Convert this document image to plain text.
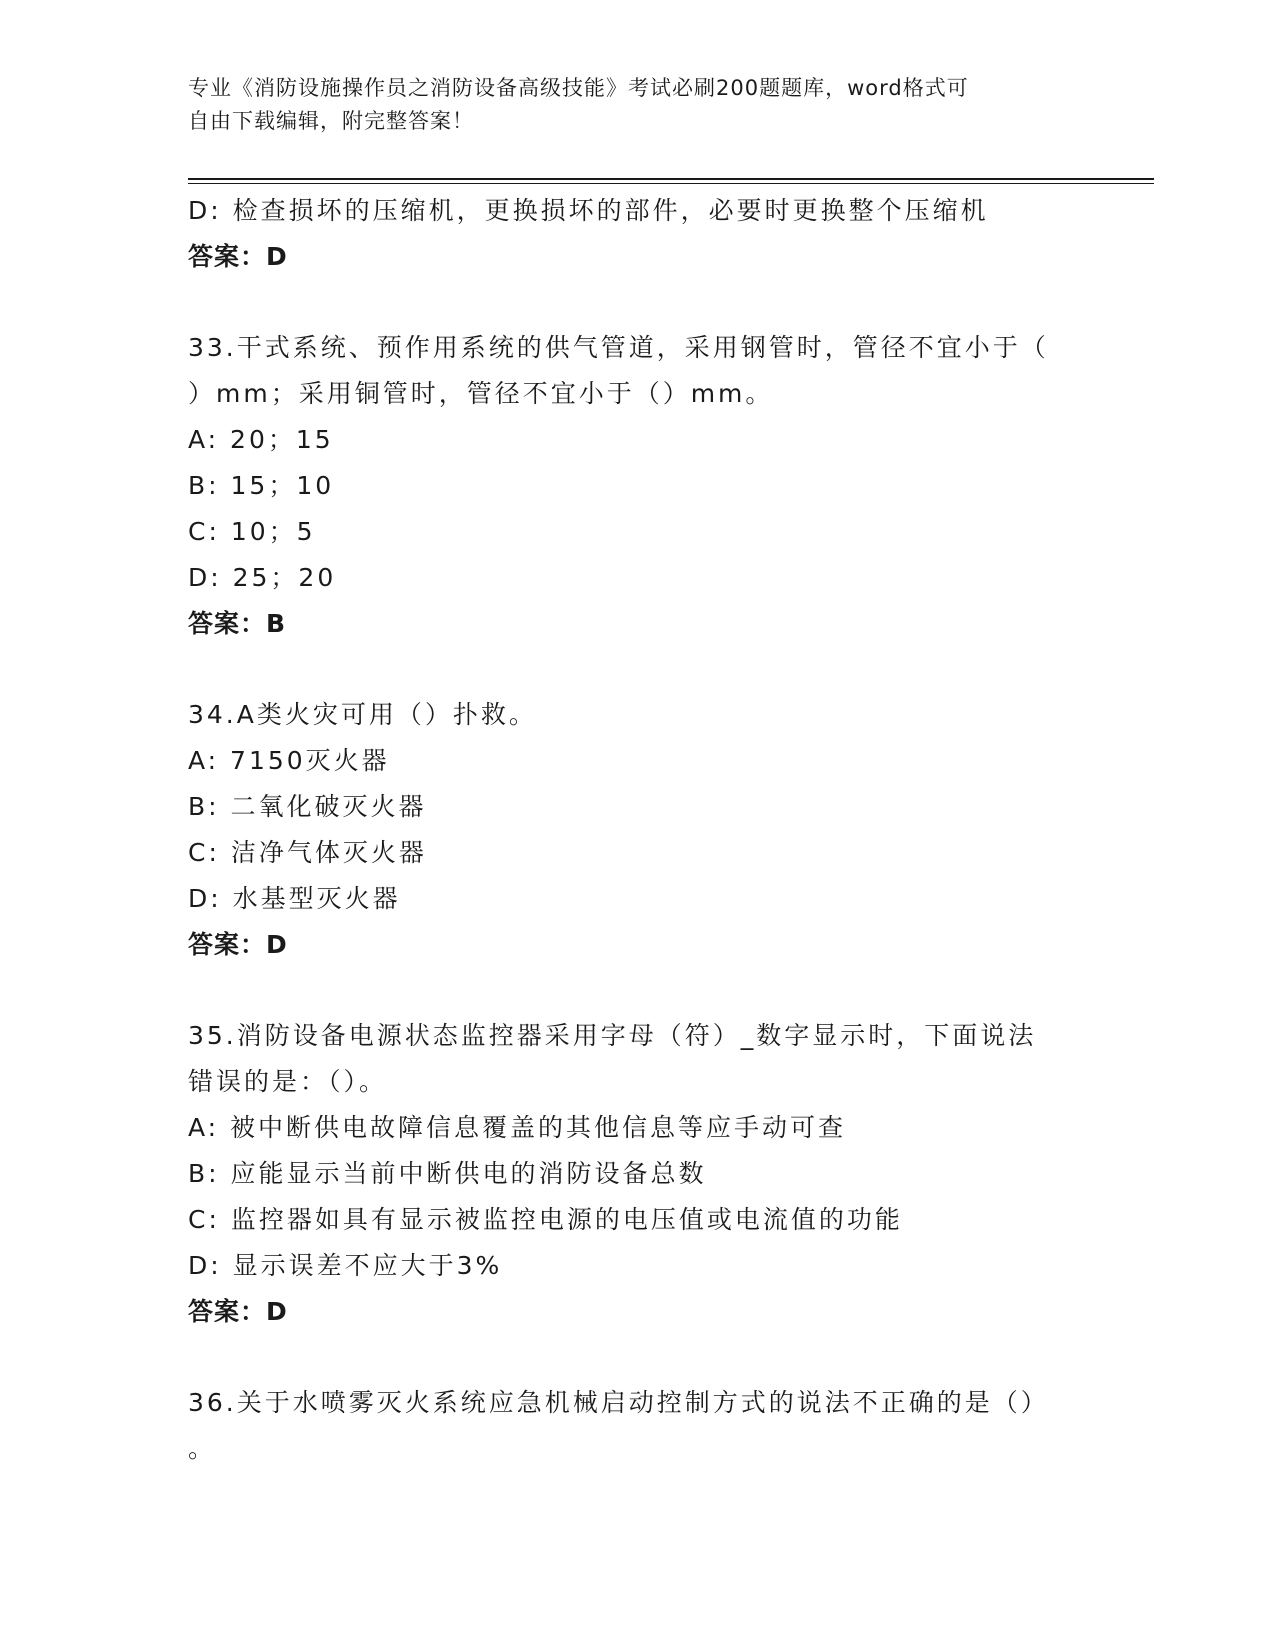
专业《消防设施操作员之消防设备高级技能》考试必刷200题题库，word格式可
自由下载编辑，附完整答案！
D: 检查损坏的压缩机，更换损坏的部件，必要时更换整个压缩机
答案：D
33.干式系统、预作用系统的供气管道，采用钢管时，管径不宜小于（
）mm；采用铜管时，管径不宜小于（）mm。
A: 20；15
B: 15；10
C: 10；5
D: 25；20
答案：B
34.A类火灾可用（）扑救。
A: 7150灭火器
B: 二氧化破灭火器
C: 洁净气体灭火器
D: 水基型灭火器
答案：D
35.消防设备电源状态监控器采用字母（符）_数字显示时，下面说法
错误的是：（）。
A: 被中断供电故障信息覆盖的其他信息等应手动可查
B: 应能显示当前中断供电的消防设备总数
C: 监控器如具有显示被监控电源的电压值或电流值的功能
D: 显示误差不应大于3%
答案：D
36.关于水喷雾灭火系统应急机械启动控制方式的说法不正确的是（）
。
